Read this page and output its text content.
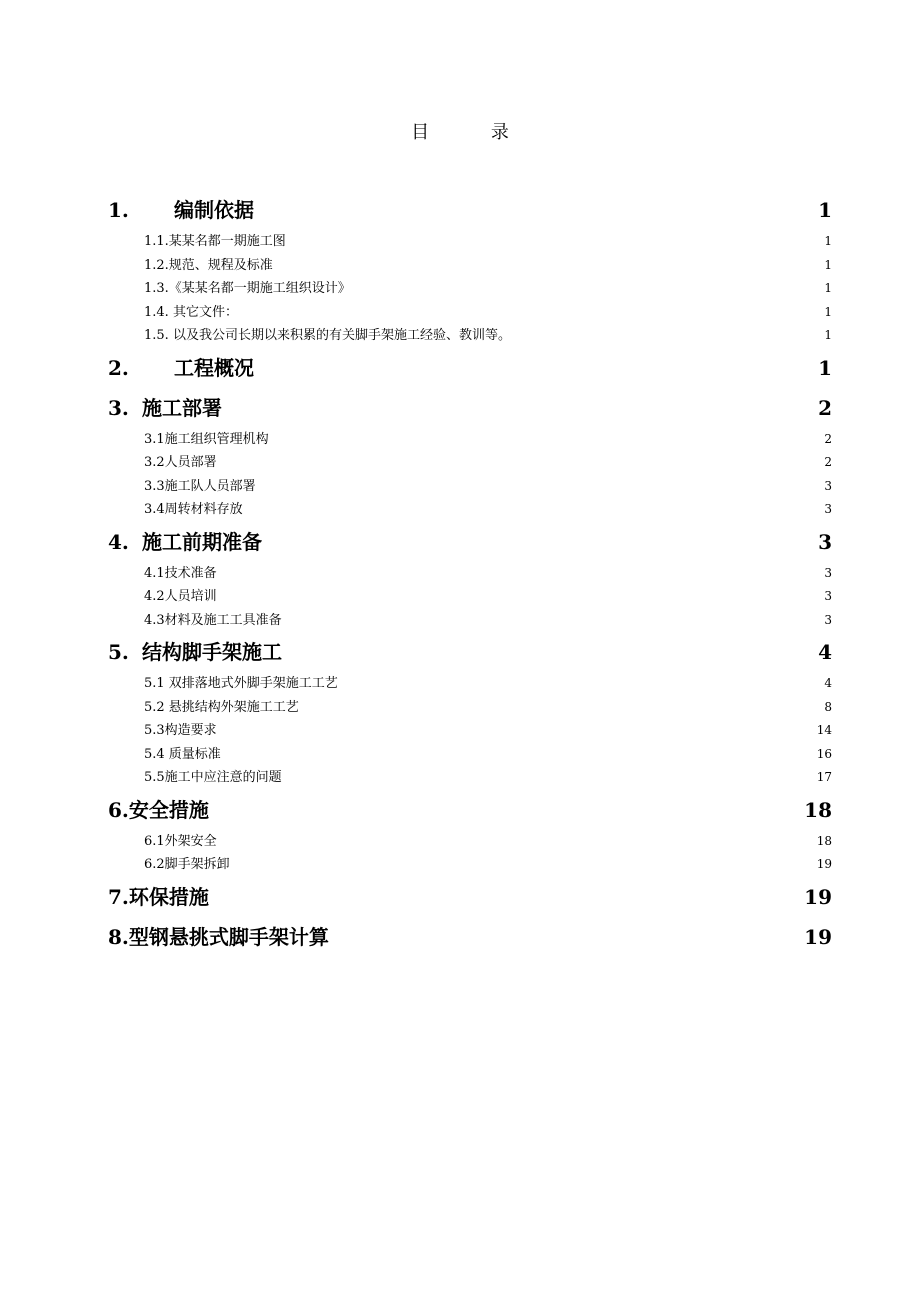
目 录
1. 编制依据	1
1.1.某某名都一期施工图	1
1.2.规范、规程及标准	1
1.3.《某某名都一期施工组织设计》	1
1.4. 其它文件：	1
1.5. 以及我公司长期以来积累的有关脚手架施工经验、教训等。	1
2. 工程概况	1
3. 施工部署	2
3.1施工组织管理机构	2
3.2人员部署	2
3.3施工队人员部署	3
3.4周转材料存放	3
4. 施工前期准备	3
4.1技术准备	3
4.2人员培训	3
4.3材料及施工工具准备	3
5. 结构脚手架施工	4
5.1 双排落地式外脚手架施工工艺	4
5.2 悬挑结构外架施工工艺	8
5.3构造要求	14
5.4 质量标准	16
5.5施工中应注意的问题	17
6.安全措施	18
6.1外架安全	18
6.2脚手架拆卸	19
7.环保措施	19
8.型钢悬挑式脚手架计算	19
